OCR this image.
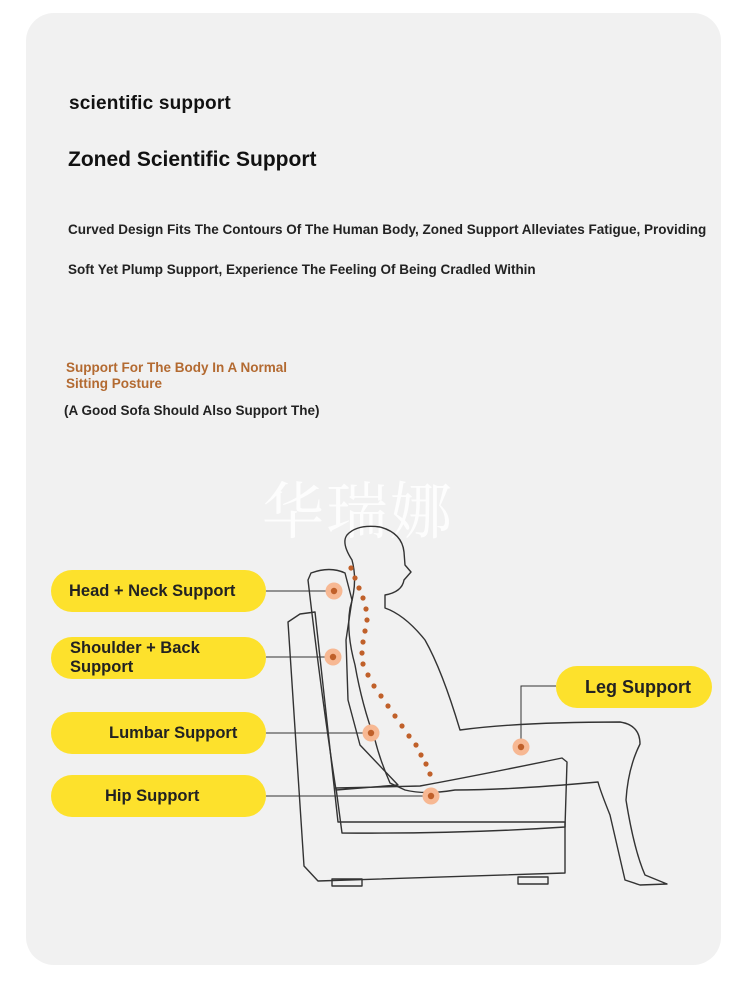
scientific support
Zoned Scientific Support
Curved Design Fits The Contours Of The Human Body, Zoned Support Alleviates Fatigue, Providing
Soft Yet Plump Support, Experience The Feeling Of Being Cradled Within
Support For The Body In A Normal Sitting Posture
(A Good Sofa Should Also Support The)
华瑞娜
Head + Neck Support
Shoulder + Back Support
Lumbar Support
Hip Support
Leg Support
